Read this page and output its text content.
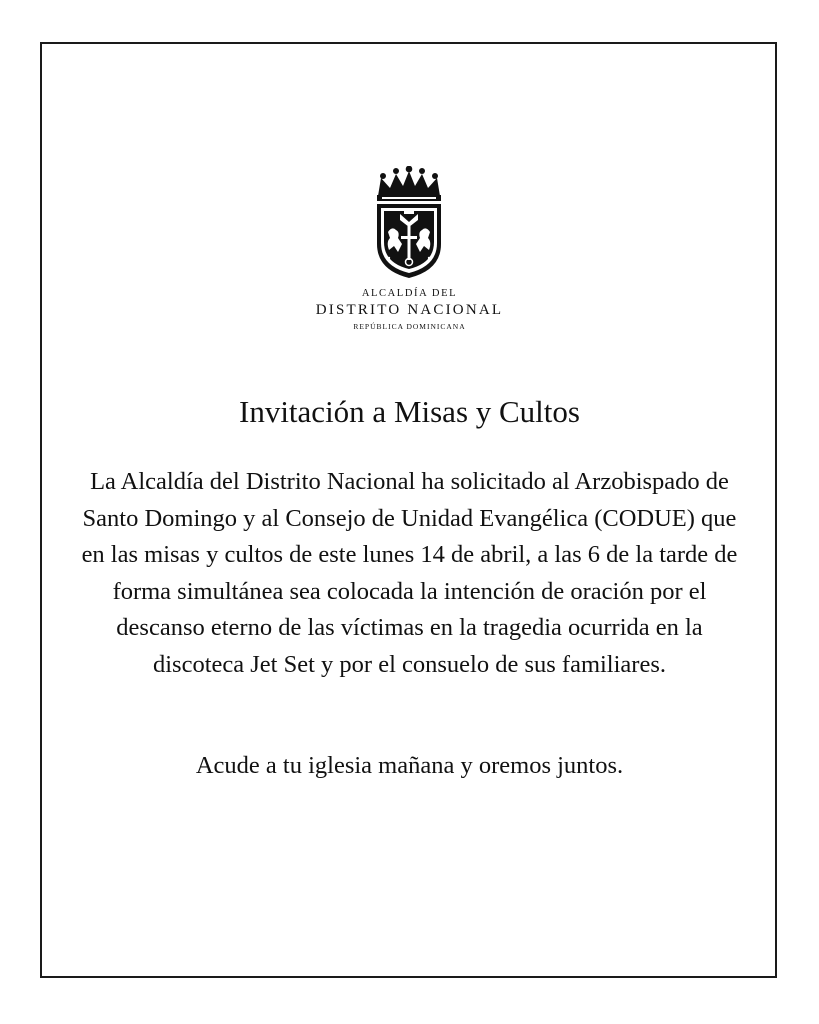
ALCALDÍA DEL

DISTRITO NACIONAL

REPÚBLICA DOMINICANA

Invitación a Misas y Cultos

La Alcaldía del Distrito Nacional ha solicitado al Arzobispado de Santo Domingo y al Consejo de Unidad Evangélica (CODUE) que en las misas y cultos de este lunes 14 de abril, a las 6 de la tarde de forma simultánea sea colocada la intención de oración por el descanso eterno de las víctimas en la tragedia ocurrida en la discoteca Jet Set y por el consuelo de sus familiares.

Acude a tu iglesia mañana y oremos juntos.
